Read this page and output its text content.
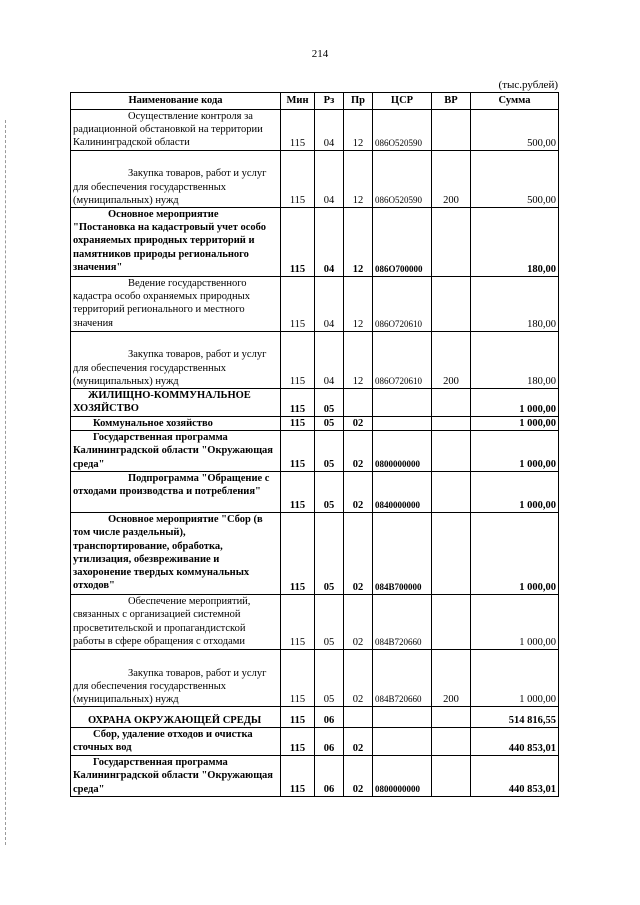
214
(тыс.рублей)
Наименование кода	Мин	Рз	Пр	ЦСР	ВР	Сумма
Осуществление контроля за радиационной обстановкой на территории Калининградской области	115	04	12	086О520590		500,00
Закупка товаров, работ и услуг для обеспечения государственных (муниципальных) нужд	115	04	12	086О520590	200	500,00
Основное мероприятие "Постановка на кадастровый учет особо охраняемых природных территорий и памятников природы регионального значения"	115	04	12	086О700000		180,00
Ведение государственного кадастра особо охраняемых природных территорий регионального и местного значения	115	04	12	086О720610		180,00
Закупка товаров, работ и услуг для обеспечения государственных (муниципальных) нужд	115	04	12	086О720610	200	180,00
ЖИЛИЩНО-КОММУНАЛЬНОЕ ХОЗЯЙСТВО	115	05				1 000,00
Коммунальное хозяйство	115	05	02			1 000,00
Государственная программа Калининградской области "Окружающая среда"	115	05	02	0800000000		1 000,00
Подпрограмма "Обращение с отходами производства и потребления"	115	05	02	0840000000		1 000,00
Основное мероприятие "Сбор (в том числе раздельный), транспортирование, обработка, утилизация, обезвреживание и захоронение твердых коммунальных отходов"	115	05	02	084В700000		1 000,00
Обеспечение мероприятий, связанных с организацией системной просветительской и пропагандистской работы в сфере обращения с отходами	115	05	02	084В720660		1 000,00
Закупка товаров, работ и услуг для обеспечения государственных (муниципальных) нужд	115	05	02	084В720660	200	1 000,00
ОХРАНА ОКРУЖАЮЩЕЙ СРЕДЫ	115	06				514 816,55
Сбор, удаление отходов и очистка сточных вод	115	06	02			440 853,01
Государственная программа Калининградской области "Окружающая среда"	115	06	02	0800000000		440 853,01
